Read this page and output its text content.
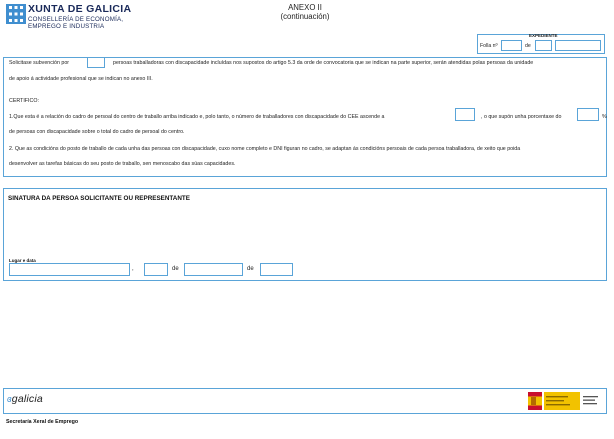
XUNTA DE GALICIA
CONSELLERÍA DE ECONOMÍA,
EMPREGO E INDUSTRIA
ANEXO II
(continuación)
EXPEDIENTE
Folla nº	de
Solicitase subvención por	persoas traballadoras con discapacidade incluídas nos supostos do artigo 5.3 da orde de convocatoria que se indican na parte superior, serán atendidas polas persoas da unidade
de apoio á actividade profesional que se indican no anexo III.
CERTIFICO:
1.Que esta é a relación do cadro de persoal do centro de traballo arriba indicado e, polo tanto, o número de traballadores con discapacidade do CEE ascende a	, o que supón unha porcentaxe do	%
de persoas con discapacidade sobre o total do cadro de persoal do centro.
2. Que as condicións do posto de traballo de cada unha das persoas con discapacidade, cuxo nome completo e DNI figuran no cadro, se adaptan ás condicións persoais de cada persoa traballadora, de xeito que poida
desenvolver as tarefas básicas do seu posto de traballo, sen menoscabo das súas capacidades.
SINATURA DA PERSOA SOLICITANTE OU REPRESENTANTE
Lugar e data
,	de	de
ɞgalicia
Secretaría Xeral de Emprego
